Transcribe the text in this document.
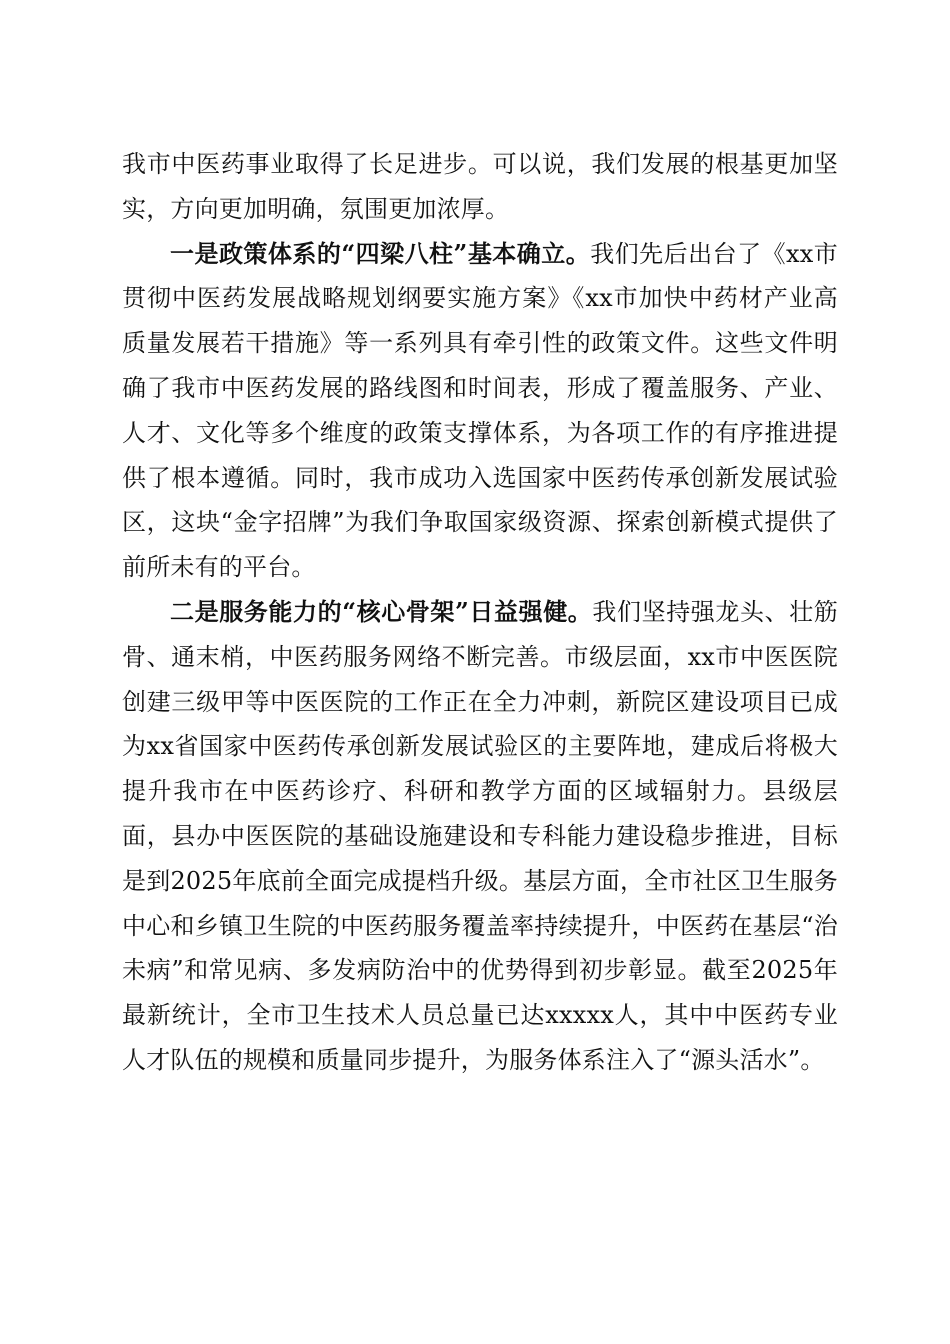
我市中医药事业取得了长足进步。可以说，我们发展的根基更加坚实，方向更加明确，氛围更加浓厚。

一是政策体系的“四梁八柱”基本确立。我们先后出台了《xx市贯彻中医药发展战略规划纲要实施方案》《xx市加快中药材产业高质量发展若干措施》等一系列具有牵引性的政策文件。这些文件明确了我市中医药发展的路线图和时间表，形成了覆盖服务、产业、人才、文化等多个维度的政策支撑体系，为各项工作的有序推进提供了根本遵循。同时，我市成功入选国家中医药传承创新发展试验区，这块“金字招牌”为我们争取国家级资源、探索创新模式提供了前所未有的平台。

二是服务能力的“核心骨架”日益强健。我们坚持强龙头、壮筋骨、通末梢，中医药服务网络不断完善。市级层面，xx市中医医院创建三级甲等中医医院的工作正在全力冲刺，新院区建设项目已成为xx省国家中医药传承创新发展试验区的主要阵地，建成后将极大提升我市在中医药诊疗、科研和教学方面的区域辐射力。县级层面，县办中医医院的基础设施建设和专科能力建设稳步推进，目标是到2025年底前全面完成提档升级。基层方面，全市社区卫生服务中心和乡镇卫生院的中医药服务覆盖率持续提升，中医药在基层“治未病”和常见病、多发病防治中的优势得到初步彰显。截至2025年最新统计，全市卫生技术人员总量已达xxxxx人，其中中医药专业人才队伍的规模和质量同步提升，为服务体系注入了“源头活水”。
